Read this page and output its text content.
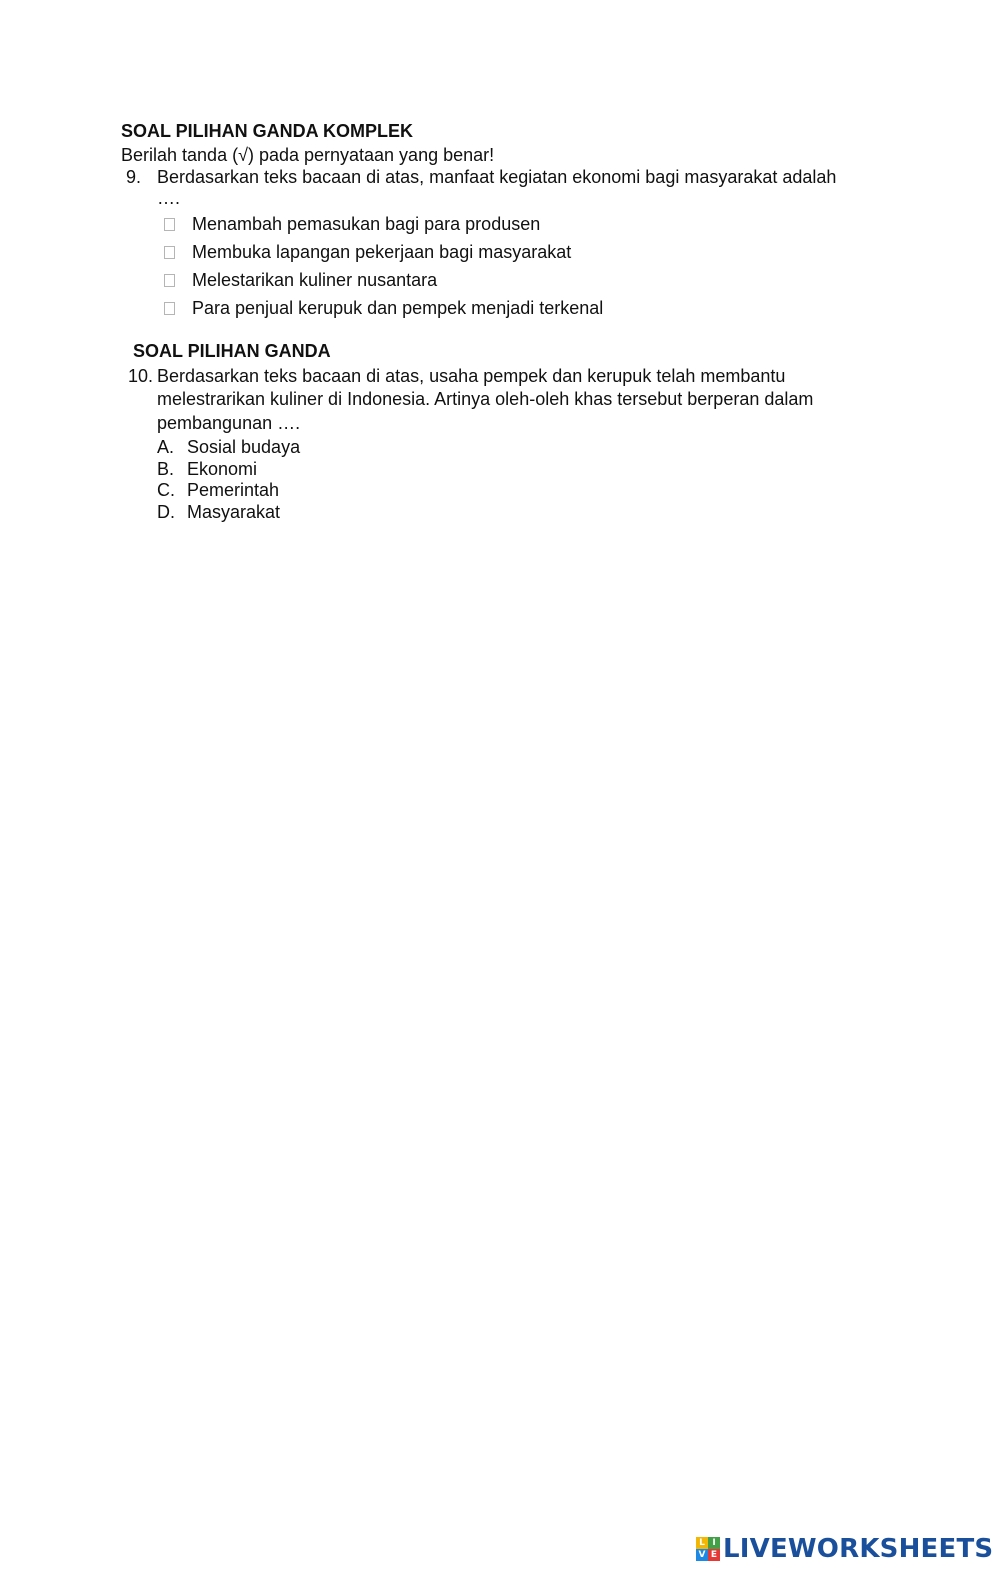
SOAL PILIHAN GANDA KOMPLEK
Berilah tanda (√) pada pernyataan yang benar!
9. Berdasarkan teks bacaan di atas, manfaat kegiatan ekonomi bagi masyarakat adalah
….
Menambah pemasukan bagi para produsen
Membuka lapangan pekerjaan bagi masyarakat
Melestarikan kuliner nusantara
Para penjual kerupuk dan pempek menjadi terkenal
SOAL PILIHAN GANDA
10. Berdasarkan teks bacaan di atas, usaha pempek dan kerupuk telah membantu
melestrarikan kuliner di Indonesia. Artinya oleh-oleh khas tersebut berperan dalam
pembangunan ….
A. Sosial budaya
B. Ekonomi
C. Pemerintah
D. Masyarakat
L I
V E LIVEWORKSHEETS
